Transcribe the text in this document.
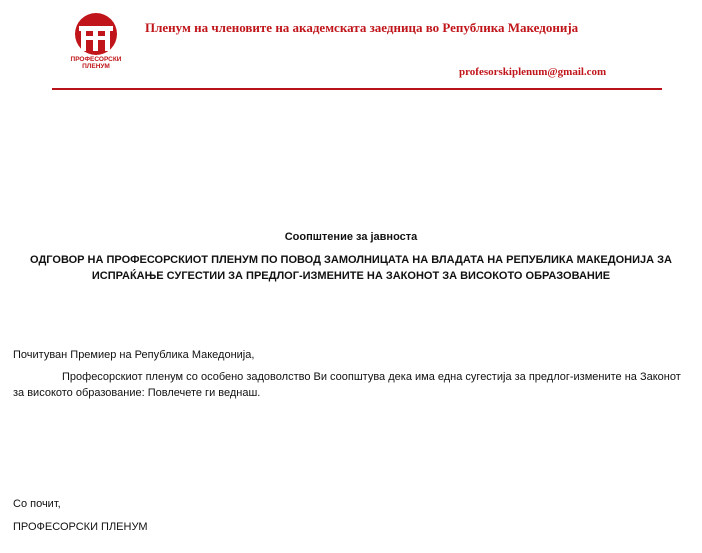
ПРОФЕСОРСКИ ПЛЕНУМ
Пленум на членовите на академската заедница во Република Македонија
profesorskiplenum@gmail.com
Соопштение за јавноста
ОДГОВОР НА ПРОФЕСОРСКИОТ ПЛЕНУМ ПО ПОВОД ЗАМОЛНИЦАТА НА ВЛАДАТА НА РЕПУБЛИКА МАКЕДОНИЈА ЗА ИСПРАЌАЊЕ СУГЕСТИИ ЗА ПРЕДЛОГ-ИЗМЕНИТЕ НА ЗАКОНОТ ЗА ВИСОКОТО ОБРАЗОВАНИЕ
Почитуван Премиер на Република Македонија,
Професорскиот пленум со особено задоволство Ви соопштува дека има една сугестија за предлог-измените на Законот за високото образование: Повлечете ги веднаш.
Со почит,
ПРОФЕСОРСКИ ПЛЕНУМ
